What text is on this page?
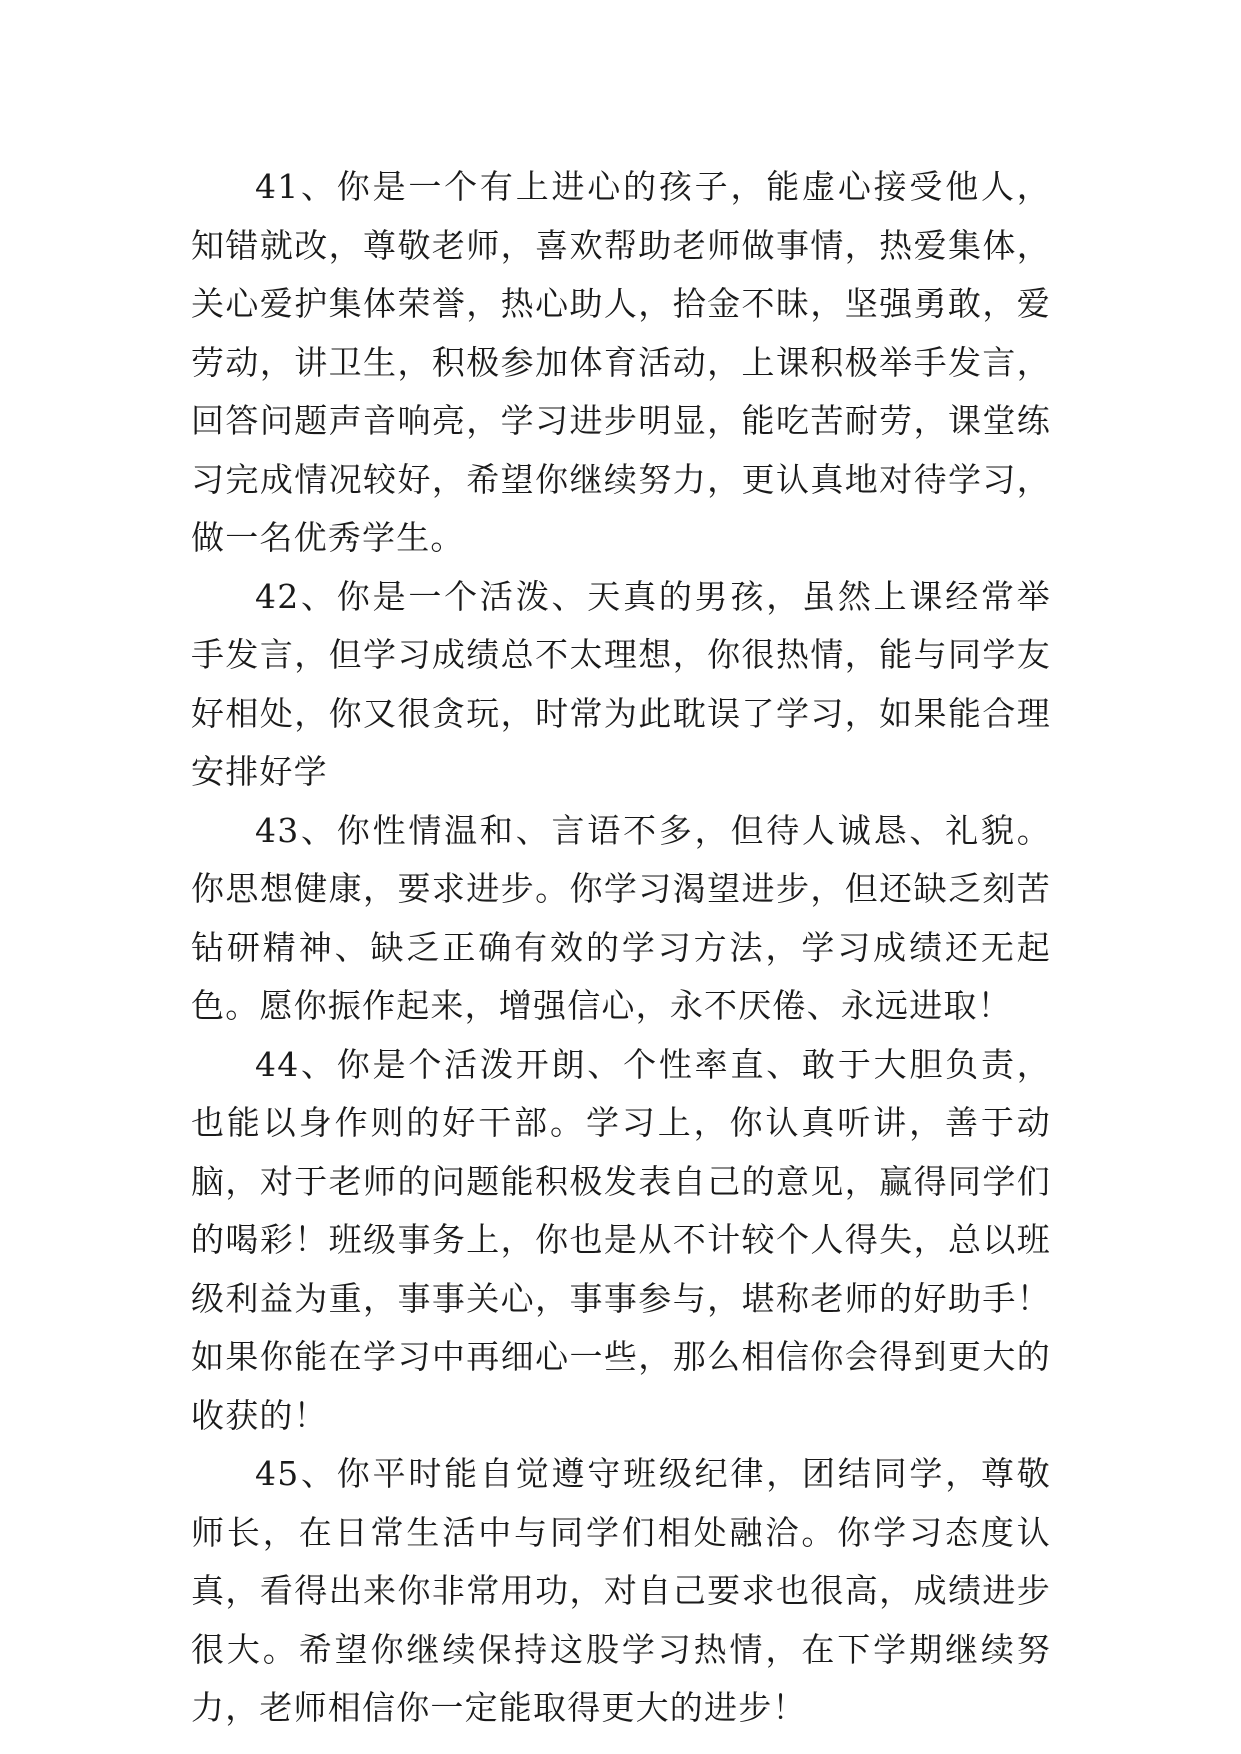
41、你是一个有上进心的孩子，能虚心接受他人，知错就改，尊敬老师，喜欢帮助老师做事情，热爱集体，关心爱护集体荣誉，热心助人，拾金不昧，坚强勇敢，爱劳动，讲卫生，积极参加体育活动，上课积极举手发言，回答问题声音响亮，学习进步明显，能吃苦耐劳，课堂练习完成情况较好，希望你继续努力，更认真地对待学习，做一名优秀学生。

42、你是一个活泼、天真的男孩，虽然上课经常举手发言，但学习成绩总不太理想，你很热情，能与同学友好相处，你又很贪玩，时常为此耽误了学习，如果能合理安排好学

43、你性情温和、言语不多，但待人诚恳、礼貌。你思想健康，要求进步。你学习渴望进步，但还缺乏刻苦钻研精神、缺乏正确有效的学习方法，学习成绩还无起色。愿你振作起来，增强信心，永不厌倦、永远进取！

44、你是个活泼开朗、个性率直、敢于大胆负责，也能以身作则的好干部。学习上，你认真听讲，善于动脑，对于老师的问题能积极发表自己的意见，赢得同学们的喝彩！班级事务上，你也是从不计较个人得失，总以班级利益为重，事事关心，事事参与，堪称老师的好助手！如果你能在学习中再细心一些，那么相信你会得到更大的收获的！

45、你平时能自觉遵守班级纪律，团结同学，尊敬师长，在日常生活中与同学们相处融洽。你学习态度认真，看得出来你非常用功，对自己要求也很高，成绩进步很大。希望你继续保持这股学习热情，在下学期继续努力，老师相信你一定能取得更大的进步！
